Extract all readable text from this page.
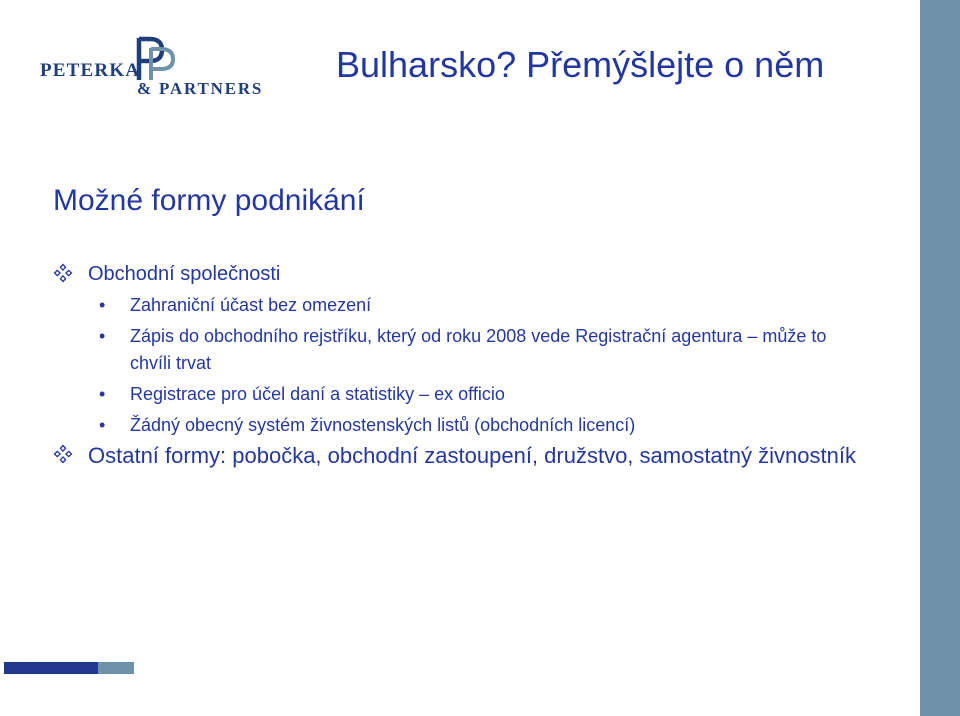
PETERKA
& PARTNERS
Bulharsko? Přemýšlejte o něm
Možné formy podnikání
Obchodní společnosti
• Zahraniční účast bez omezení
• Zápis do obchodního rejstříku, který od roku 2008 vede Registrační agentura – může to chvíli trvat
• Registrace pro účel daní a statistiky – ex officio
• Žádný obecný systém živnostenských listů (obchodních licencí)
Ostatní formy: pobočka, obchodní zastoupení, družstvo, samostatný živnostník
